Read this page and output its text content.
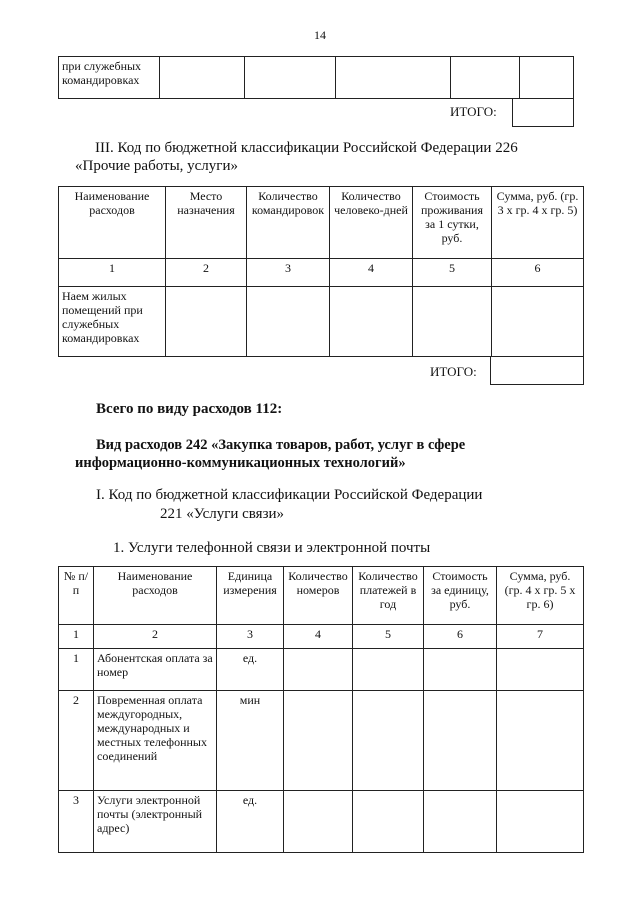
14
при служебных командировках					
ИТОГО:
III. Код по бюджетной классификации Российской Федерации 226 «Прочие работы, услуги»
Наименование расходов	Место назначения	Количество командировок	Количество человеко-дней	Стоимость проживания за 1 сутки, руб.	Сумма, руб. (гр. 3 х гр. 4 х гр. 5)
1	2	3	4	5	6
Наем жилых помещений при служебных командировках					
ИТОГО:
Всего по виду расходов 112:
Вид расходов 242 «Закупка товаров, работ, услуг в сфере информационно-коммуникационных технологий»
I. Код по бюджетной классификации Российской Федерации
221 «Услуги связи»
1. Услуги телефонной связи и электронной почты
№ п/п	Наименование расходов	Единица измерения	Количество номеров	Количество платежей в год	Стоимость за единицу, руб.	Сумма, руб. (гр. 4 х гр. 5 х гр. 6)
1	2	3	4	5	6	7
1	Абонентская оплата за номер	ед.				
2	Повременная оплата междугородных, международных и местных телефонных соединений	мин				
3	Услуги электронной почты (электронный адрес)	ед.				
